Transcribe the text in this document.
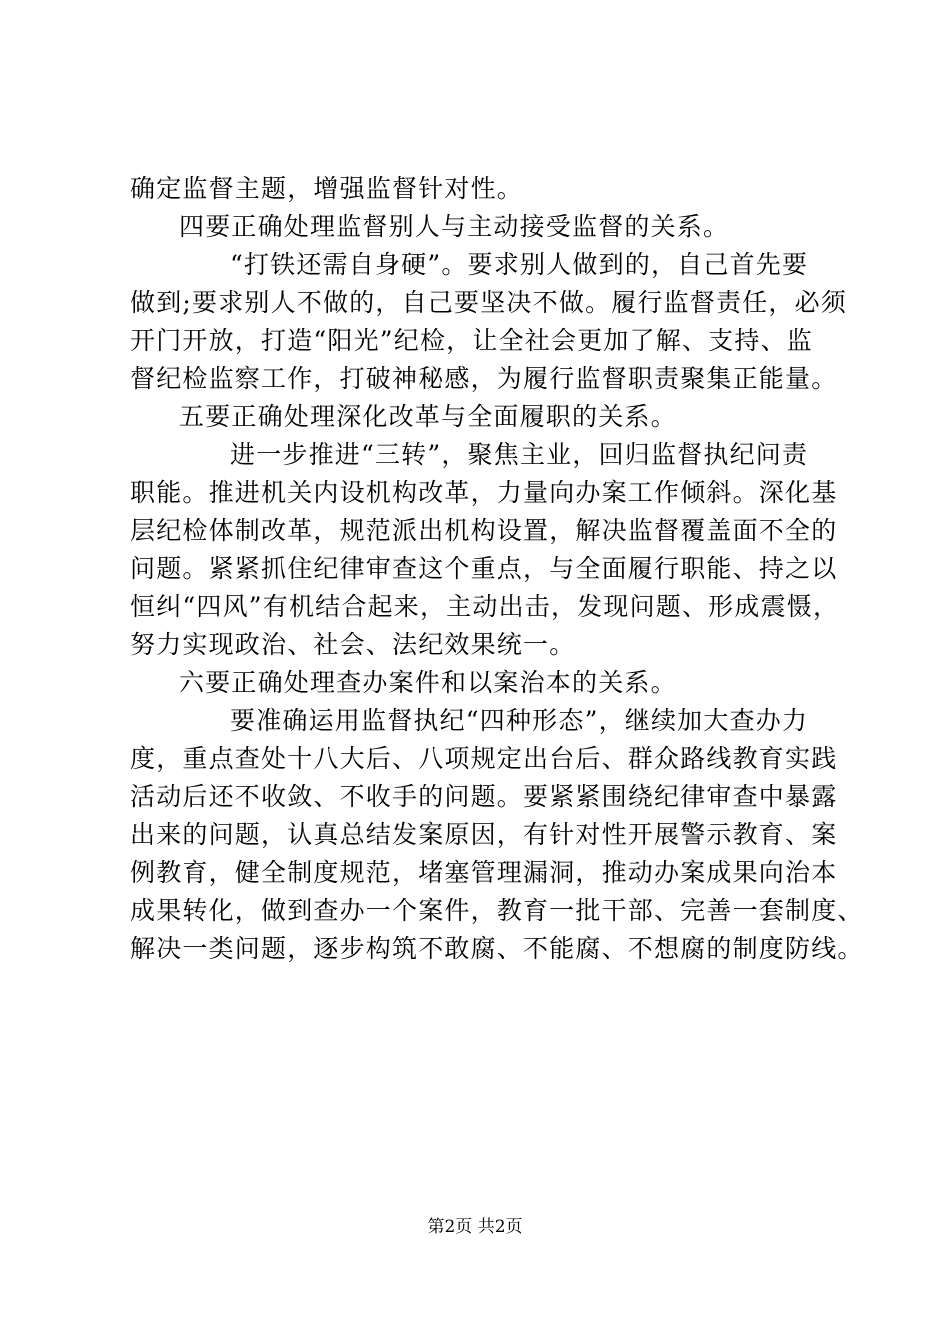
确定监督主题，增强监督针对性。
四要正确处理监督别人与主动接受监督的关系。
“打铁还需自身硬”。要求别人做到的，自己首先要
做到;要求别人不做的，自己要坚决不做。履行监督责任，必须
开门开放，打造“阳光”纪检，让全社会更加了解、支持、监
督纪检监察工作，打破神秘感，为履行监督职责聚集正能量。
五要正确处理深化改革与全面履职的关系。
进一步推进“三转”，聚焦主业，回归监督执纪问责
职能。推进机关内设机构改革，力量向办案工作倾斜。深化基
层纪检体制改革，规范派出机构设置，解决监督覆盖面不全的
问题。紧紧抓住纪律审查这个重点，与全面履行职能、持之以
恒纠“四风”有机结合起来，主动出击，发现问题、形成震慑，
努力实现政治、社会、法纪效果统一。
六要正确处理查办案件和以案治本的关系。
要准确运用监督执纪“四种形态”，继续加大查办力
度，重点查处十八大后、八项规定出台后、群众路线教育实践
活动后还不收敛、不收手的问题。要紧紧围绕纪律审查中暴露
出来的问题，认真总结发案原因，有针对性开展警示教育、案
例教育，健全制度规范，堵塞管理漏洞，推动办案成果向治本
成果转化，做到查办一个案件，教育一批干部、完善一套制度、
解决一类问题，逐步构筑不敢腐、不能腐、不想腐的制度防线。
第2页 共2页
